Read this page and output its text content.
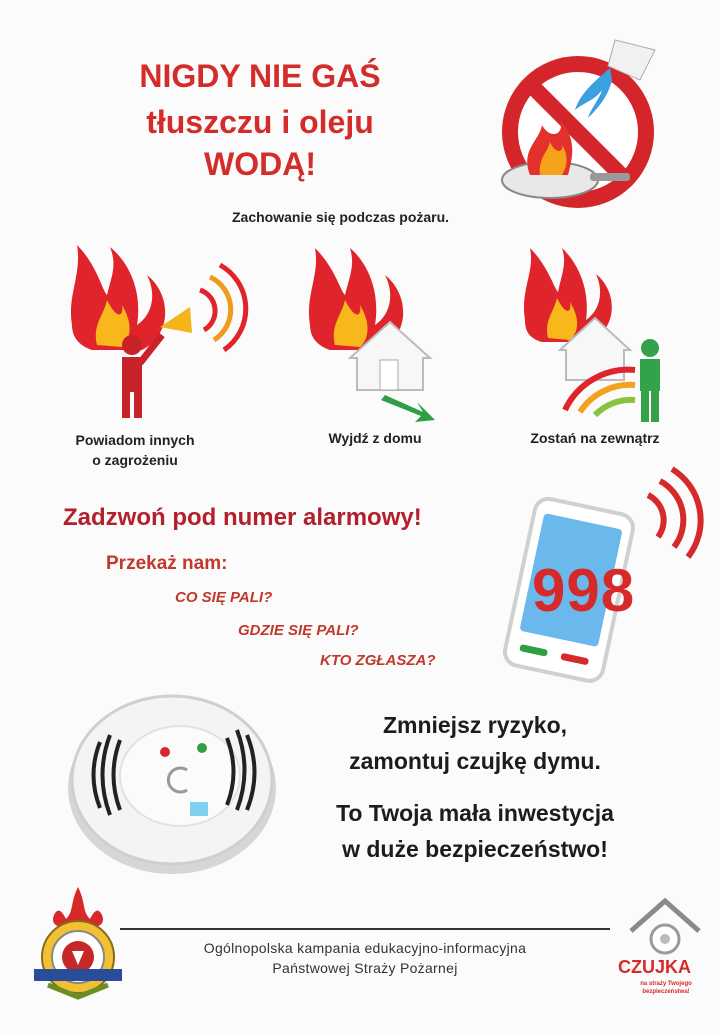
NIGDY NIE GAŚ
tłuszczu i oleju
WODĄ!
Zachowanie się podczas pożaru.
Powiadom innych
o zagrożeniu
Wyjdź z domu	Zostań na zewnątrz
Zadzwoń pod numer alarmowy!
Przekaż nam:
CO SIĘ PALI?
GDZIE SIĘ PALI?
KTO ZGŁASZA?
998
Zmniejsz ryzyko,
zamontuj czujkę dymu.
To Twoja mała inwestycja
w duże bezpieczeństwo!
Ogólnopolska kampania edukacyjno-informacyjna
Państwowej Straży Pożarnej	CZUJKA
na straży Twojego
bezpieczeństwa!
